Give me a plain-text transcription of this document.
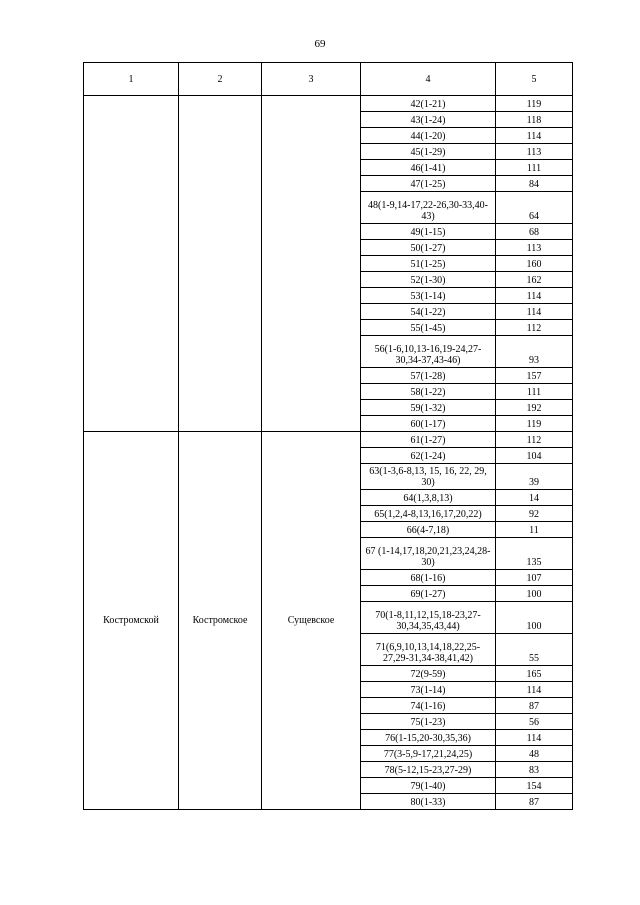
69
1	2	3	4	5
			42(1-21)	119
			43(1-24)	118
			44(1-20)	114
			45(1-29)	113
			46(1-41)	111
			47(1-25)	84
			48(1-9,14-17,22-26,30-33,40-43)	64
			49(1-15)	68
			50(1-27)	113
			51(1-25)	160
			52(1-30)	162
			53(1-14)	114
			54(1-22)	114
			55(1-45)	112
			56(1-6,10,13-16,19-24,27-30,34-37,43-46)	93
			57(1-28)	157
			58(1-22)	111
			59(1-32)	192
			60(1-17)	119
Костромской	Костромское	Сущевское	61(1-27)	112
			62(1-24)	104
			63(1-3,6-8,13, 15, 16, 22, 29, 30)	39
			64(1,3,8,13)	14
			65(1,2,4-8,13,16,17,20,22)	92
			66(4-7,18)	11
			67 (1-14,17,18,20,21,23,24,28-30)	135
			68(1-16)	107
			69(1-27)	100
			70(1-8,11,12,15,18-23,27-30,34,35,43,44)	100
			71(6,9,10,13,14,18,22,25-27,29-31,34-38,41,42)	55
			72(9-59)	165
			73(1-14)	114
			74(1-16)	87
			75(1-23)	56
			76(1-15,20-30,35,36)	114
			77(3-5,9-17,21,24,25)	48
			78(5-12,15-23,27-29)	83
			79(1-40)	154
			80(1-33)	87
